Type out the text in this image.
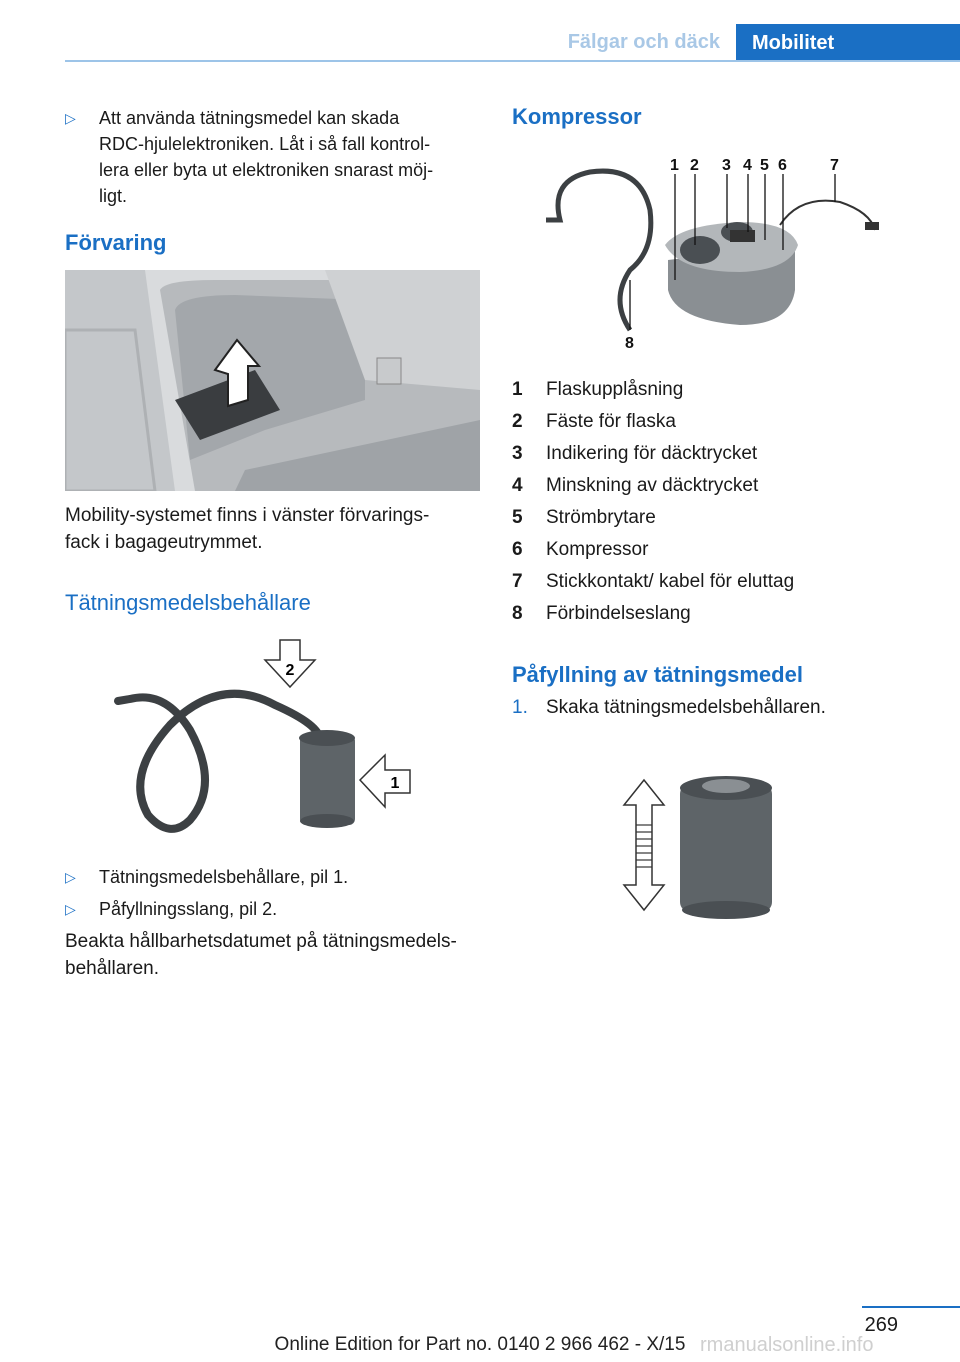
Fälgar och däck	Mobilitet
▷ Att använda tätningsmedel kan skada
RDC-hjulelektroniken. Låt i så fall kontrol-
lera eller byta ut elektroniken snarast möj-
ligt.
Förvaring
Mobility-systemet finns i vänster förvarings-
fack i bagageutrymmet.
Tätningsmedelsbehållare
2
1
▷ Tätningsmedelsbehållare, pil 1.
▷ Påfyllningsslang, pil 2.
Beakta hållbarhetsdatumet på tätningsmedels-
behållaren.
Kompressor
1 2 3 4 5 6	7
8
1 Flaskupplåsning
2 Fäste för flaska
3 Indikering för däcktrycket
4 Minskning av däcktrycket
5 Strömbrytare
6 Kompressor
7 Stickkontakt/ kabel för eluttag
8 Förbindelseslang
Påfyllning av tätningsmedel
1. Skaka tätningsmedelsbehållaren.
269
Online Edition for Part no. 0140 2 966 462 - X/15 rmanualsonline.info
